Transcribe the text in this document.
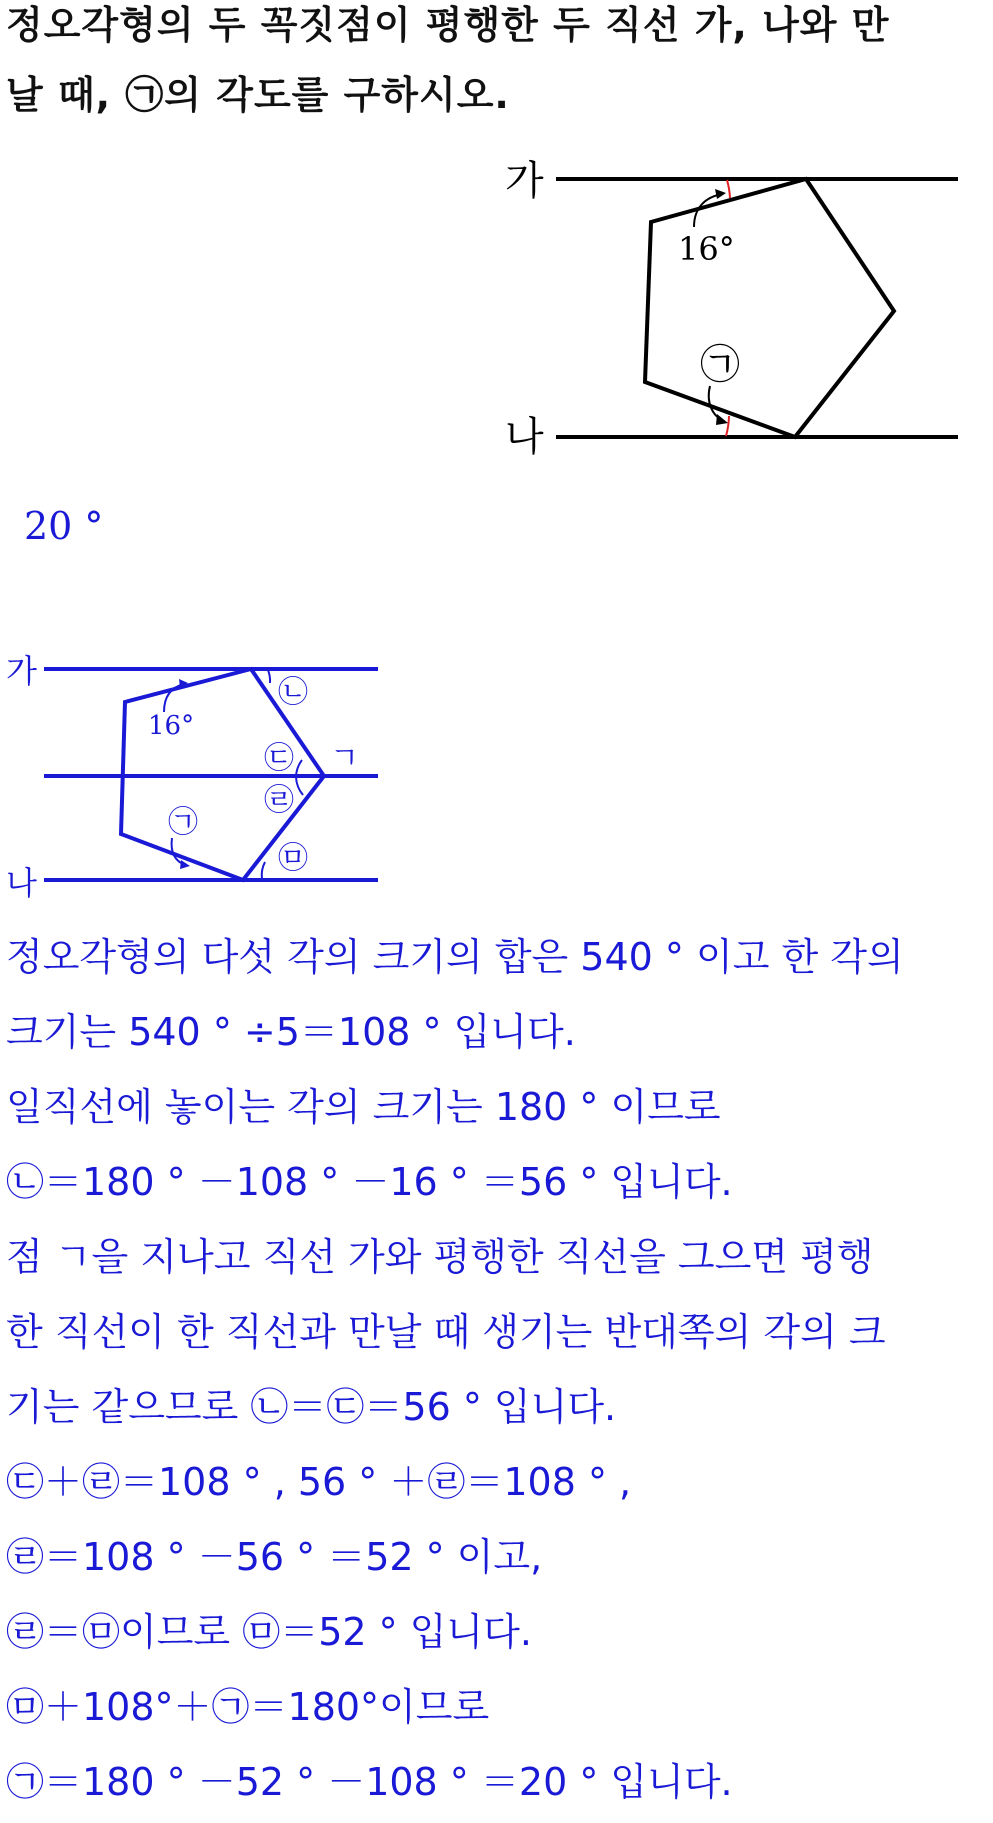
정오각형의 두 꼭짓점이 평행한 두 직선 가, 나와 만
날 때, ㉠의 각도를 구하시오.
가
나
16°
㉠
가
나
16°
㉡
㉢
㉣
㉤
㉠
ㄱ
20 °
정오각형의 다섯 각의 크기의 합은 540 ° 이고 한 각의
크기는 540 ° ÷5＝108 ° 입니다.
일직선에 놓이는 각의 크기는 180 ° 이므로
㉡＝180 ° －108 ° －16 ° ＝56 ° 입니다.
점 ㄱ을 지나고 직선 가와 평행한 직선을 그으면 평행
한 직선이 한 직선과 만날 때 생기는 반대쪽의 각의 크
기는 같으므로 ㉡＝㉢＝56 ° 입니다.
㉢＋㉣＝108 ° , 56 ° ＋㉣＝108 ° ,
㉣＝108 ° －56 ° ＝52 ° 이고,
㉣＝㉤이므로 ㉤＝52 ° 입니다.
㉤＋108°＋㉠＝180°이므로
㉠＝180 ° －52 ° －108 ° ＝20 ° 입니다.
